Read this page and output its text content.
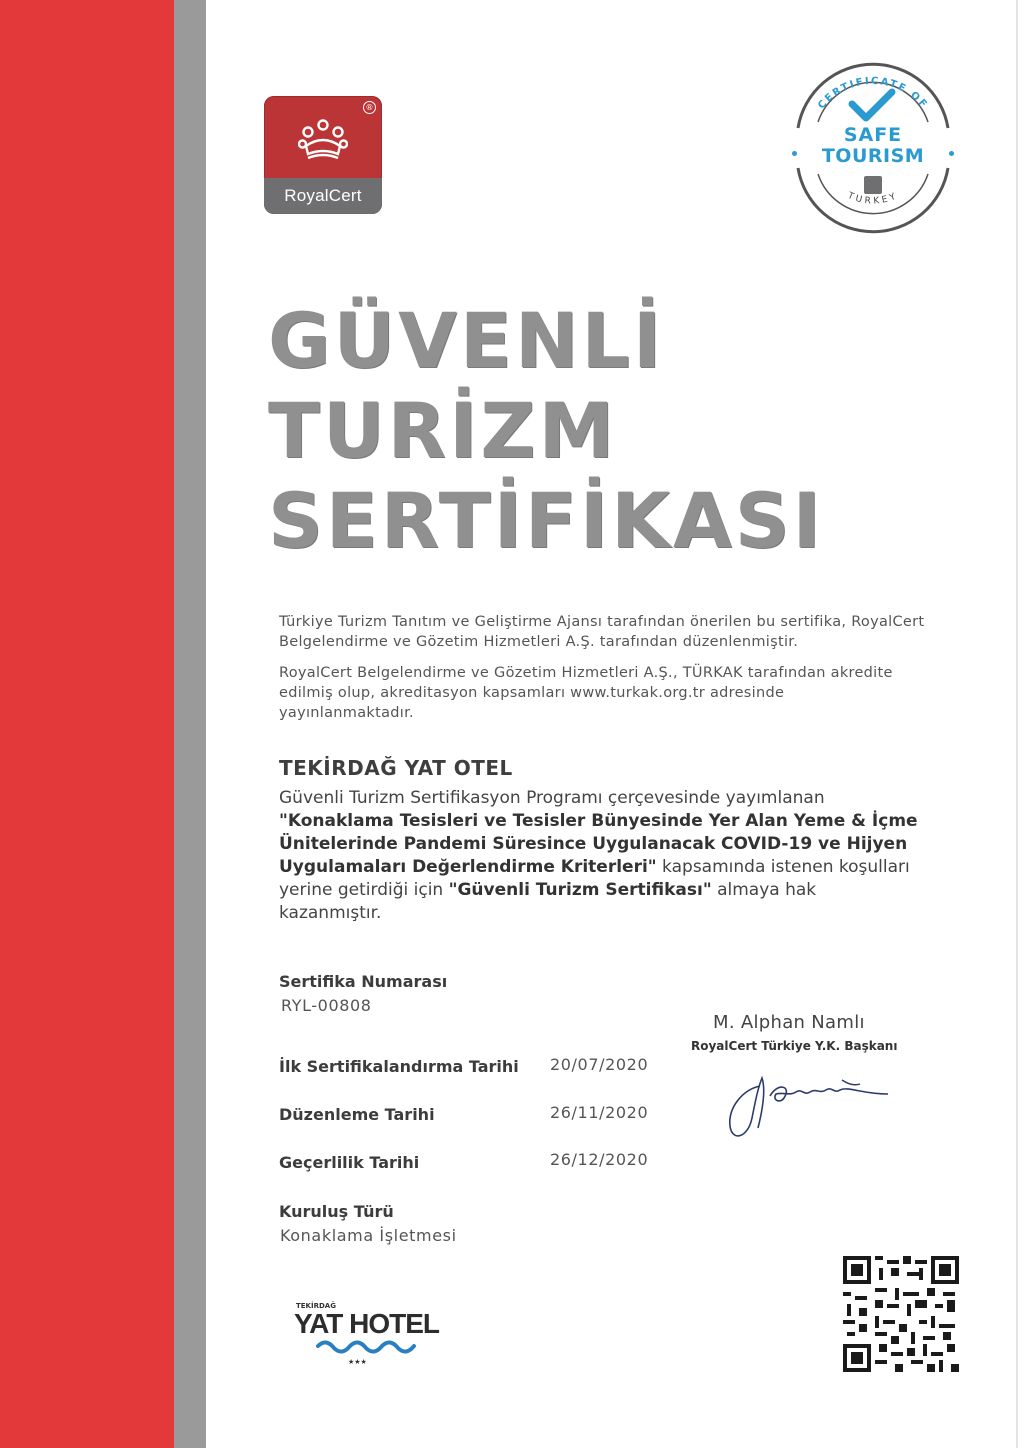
®
RoyalCert
CERTIFICATE OF
TURKEY
SAFE
TOURISM
GÜVENLİ
TURİZM
SERTİFİKASI
Türkiye Turizm Tanıtım ve Geliştirme Ajansı tarafından önerilen bu sertifika, RoyalCert Belgelendirme ve Gözetim Hizmetleri A.Ş. tarafından düzenlenmiştir.
RoyalCert Belgelendirme ve Gözetim Hizmetleri A.Ş., TÜRKAK tarafından akredite edilmiş olup, akreditasyon kapsamları www.turkak.org.tr adresinde yayınlanmaktadır.
TEKİRDAĞ YAT OTEL
Güvenli Turizm Sertifikasyon Programı çerçevesinde yayımlanan "Konaklama Tesisleri ve Tesisler Bünyesinde Yer Alan Yeme & İçme Ünitelerinde Pandemi Süresince Uygulanacak COVID-19 ve Hijyen Uygulamaları Değerlendirme Kriterleri" kapsamında istenen koşulları yerine getirdiği için "Güvenli Turizm Sertifikası" almaya hak kazanmıştır.
Sertifika Numarası
RYL-00808
İlk Sertifikalandırma Tarihi 20/07/2020
Düzenleme Tarihi	26/11/2020
Geçerlilik Tarihi	26/12/2020
Kuruluş Türü
Konaklama İşletmesi
M. Alphan Namlı
RoyalCert Türkiye Y.K. Başkanı
TEKİRDAĞ
YAT HOTEL
★★★
